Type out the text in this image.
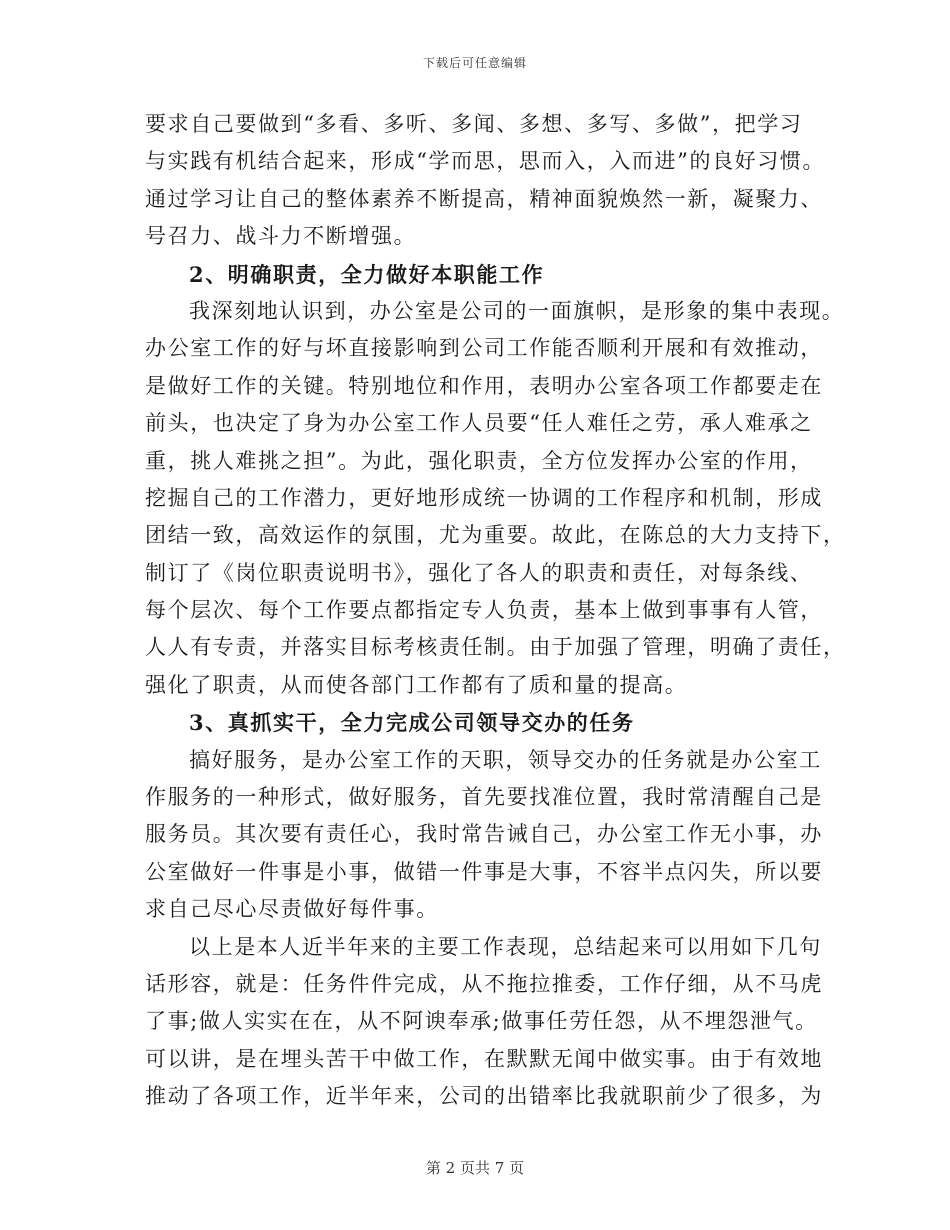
下载后可任意编辑
要求自己要做到“多看、多听、多闻、多想、多写、多做”，把学习
与实践有机结合起来，形成“学而思，思而入，入而进”的良好习惯。
通过学习让自己的整体素养不断提高，精神面貌焕然一新，凝聚力、
号召力、战斗力不断增强。
2、明确职责，全力做好本职能工作
我深刻地认识到，办公室是公司的一面旗帜，是形象的集中表现。
办公室工作的好与坏直接影响到公司工作能否顺利开展和有效推动，
是做好工作的关键。特别地位和作用，表明办公室各项工作都要走在
前头，也决定了身为办公室工作人员要“任人难任之劳，承人难承之
重，挑人难挑之担”。为此，强化职责，全方位发挥办公室的作用，
挖掘自己的工作潜力，更好地形成统一协调的工作程序和机制，形成
团结一致，高效运作的氛围，尤为重要。故此，在陈总的大力支持下，
制订了《岗位职责说明书》，强化了各人的职责和责任，对每条线、
每个层次、每个工作要点都指定专人负责，基本上做到事事有人管，
人人有专责，并落实目标考核责任制。由于加强了管理，明确了责任，
强化了职责，从而使各部门工作都有了质和量的提高。
3、真抓实干，全力完成公司领导交办的任务
搞好服务，是办公室工作的天职，领导交办的任务就是办公室工
作服务的一种形式，做好服务，首先要找准位置，我时常清醒自己是
服务员。其次要有责任心，我时常告诫自己，办公室工作无小事，办
公室做好一件事是小事，做错一件事是大事，不容半点闪失，所以要
求自己尽心尽责做好每件事。
以上是本人近半年来的主要工作表现，总结起来可以用如下几句
话形容，就是：任务件件完成，从不拖拉推委，工作仔细，从不马虎
了事;做人实实在在，从不阿谀奉承;做事任劳任怨，从不埋怨泄气。
可以讲，是在埋头苦干中做工作，在默默无闻中做实事。由于有效地
推动了各项工作，近半年来，公司的出错率比我就职前少了很多，为
第 2 页共 7 页
